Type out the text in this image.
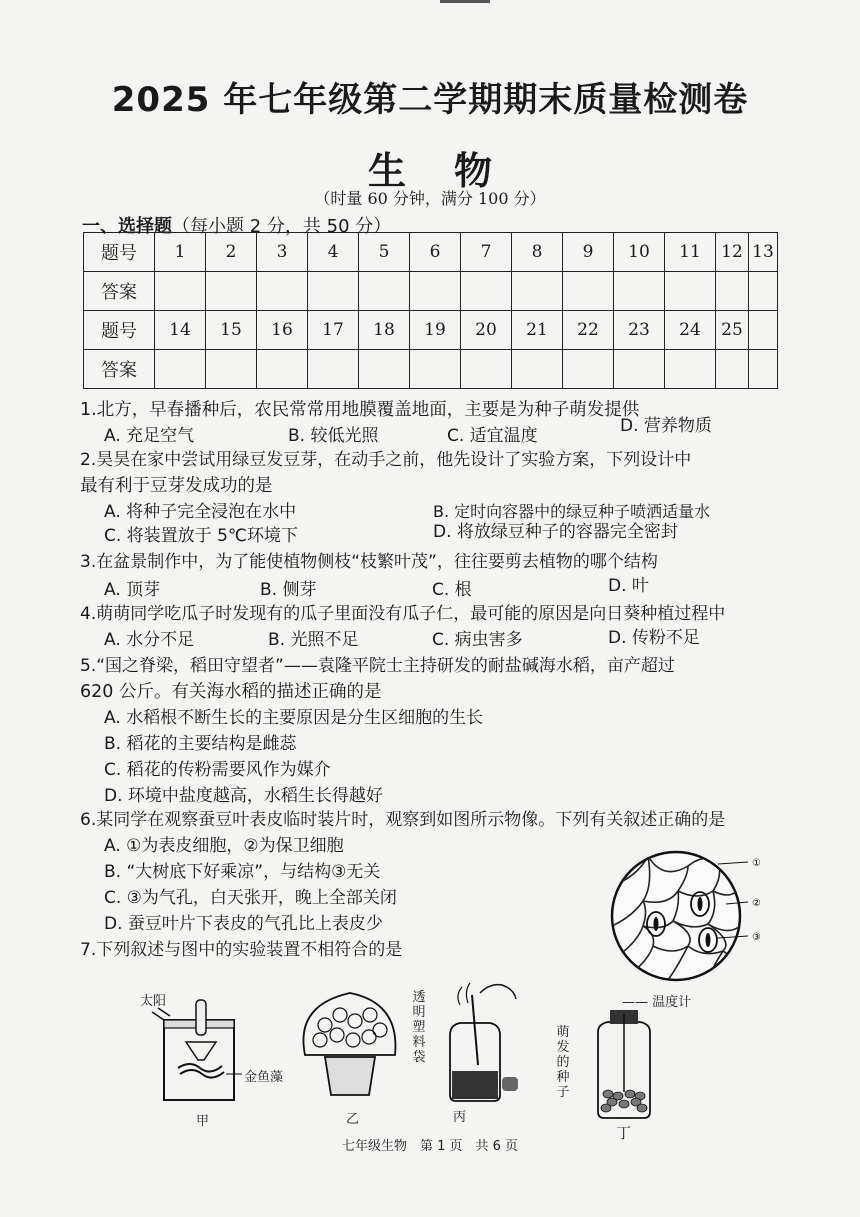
2025 年七年级第二学期期末质量检测卷
生物
（时量 60 分钟，满分 100 分）
一、选择题（每小题 2 分，共 50 分）
题号	1	2	3	4	5	6	7	8	9	10	11	12	13
答案													
题号	14	15	16	17	18	19	20	21	22	23	24	25	
答案													
1.北方，早春播种后，农民常常用地膜覆盖地面，主要是为种子萌发提供
A. 充足空气	B. 较低光照	C. 适宜温度	D. 营养物质
2.昊昊在家中尝试用绿豆发豆芽，在动手之前，他先设计了实验方案，下列设计中
最有利于豆芽发成功的是
A. 将种子完全浸泡在水中	B. 定时向容器中的绿豆种子喷洒适量水
C. 将装置放于 5℃环境下	D. 将放绿豆种子的容器完全密封
3.在盆景制作中，为了能使植物侧枝“枝繁叶茂”，往往要剪去植物的哪个结构
A. 顶芽	B. 侧芽	C. 根	D. 叶
4.萌萌同学吃瓜子时发现有的瓜子里面没有瓜子仁，最可能的原因是向日葵种植过程中
A. 水分不足	B. 光照不足	C. 病虫害多	D. 传粉不足
5.“国之脊梁，稻田守望者”——袁隆平院士主持研发的耐盐碱海水稻，亩产超过
620 公斤。有关海水稻的描述正确的是
A. 水稻根不断生长的主要原因是分生区细胞的生长
B. 稻花的主要结构是雌蕊
C. 稻花的传粉需要风作为媒介
D. 环境中盐度越高，水稻生长得越好
6.某同学在观察蚕豆叶表皮临时装片时，观察到如图所示物像。下列有关叙述正确的是
A. ①为表皮细胞，②为保卫细胞
B. “大树底下好乘凉”，与结构③无关
C. ③为气孔，白天张开，晚上全部关闭
D. 蚕豆叶片下表皮的气孔比上表皮少
①
②
③
7.下列叙述与图中的实验装置不相符合的是
太阳
金鱼藻
甲
透明塑料袋
乙	丙
—— 温度计
萌发的种子
丁
七年级生物　第 1 页　共 6 页
